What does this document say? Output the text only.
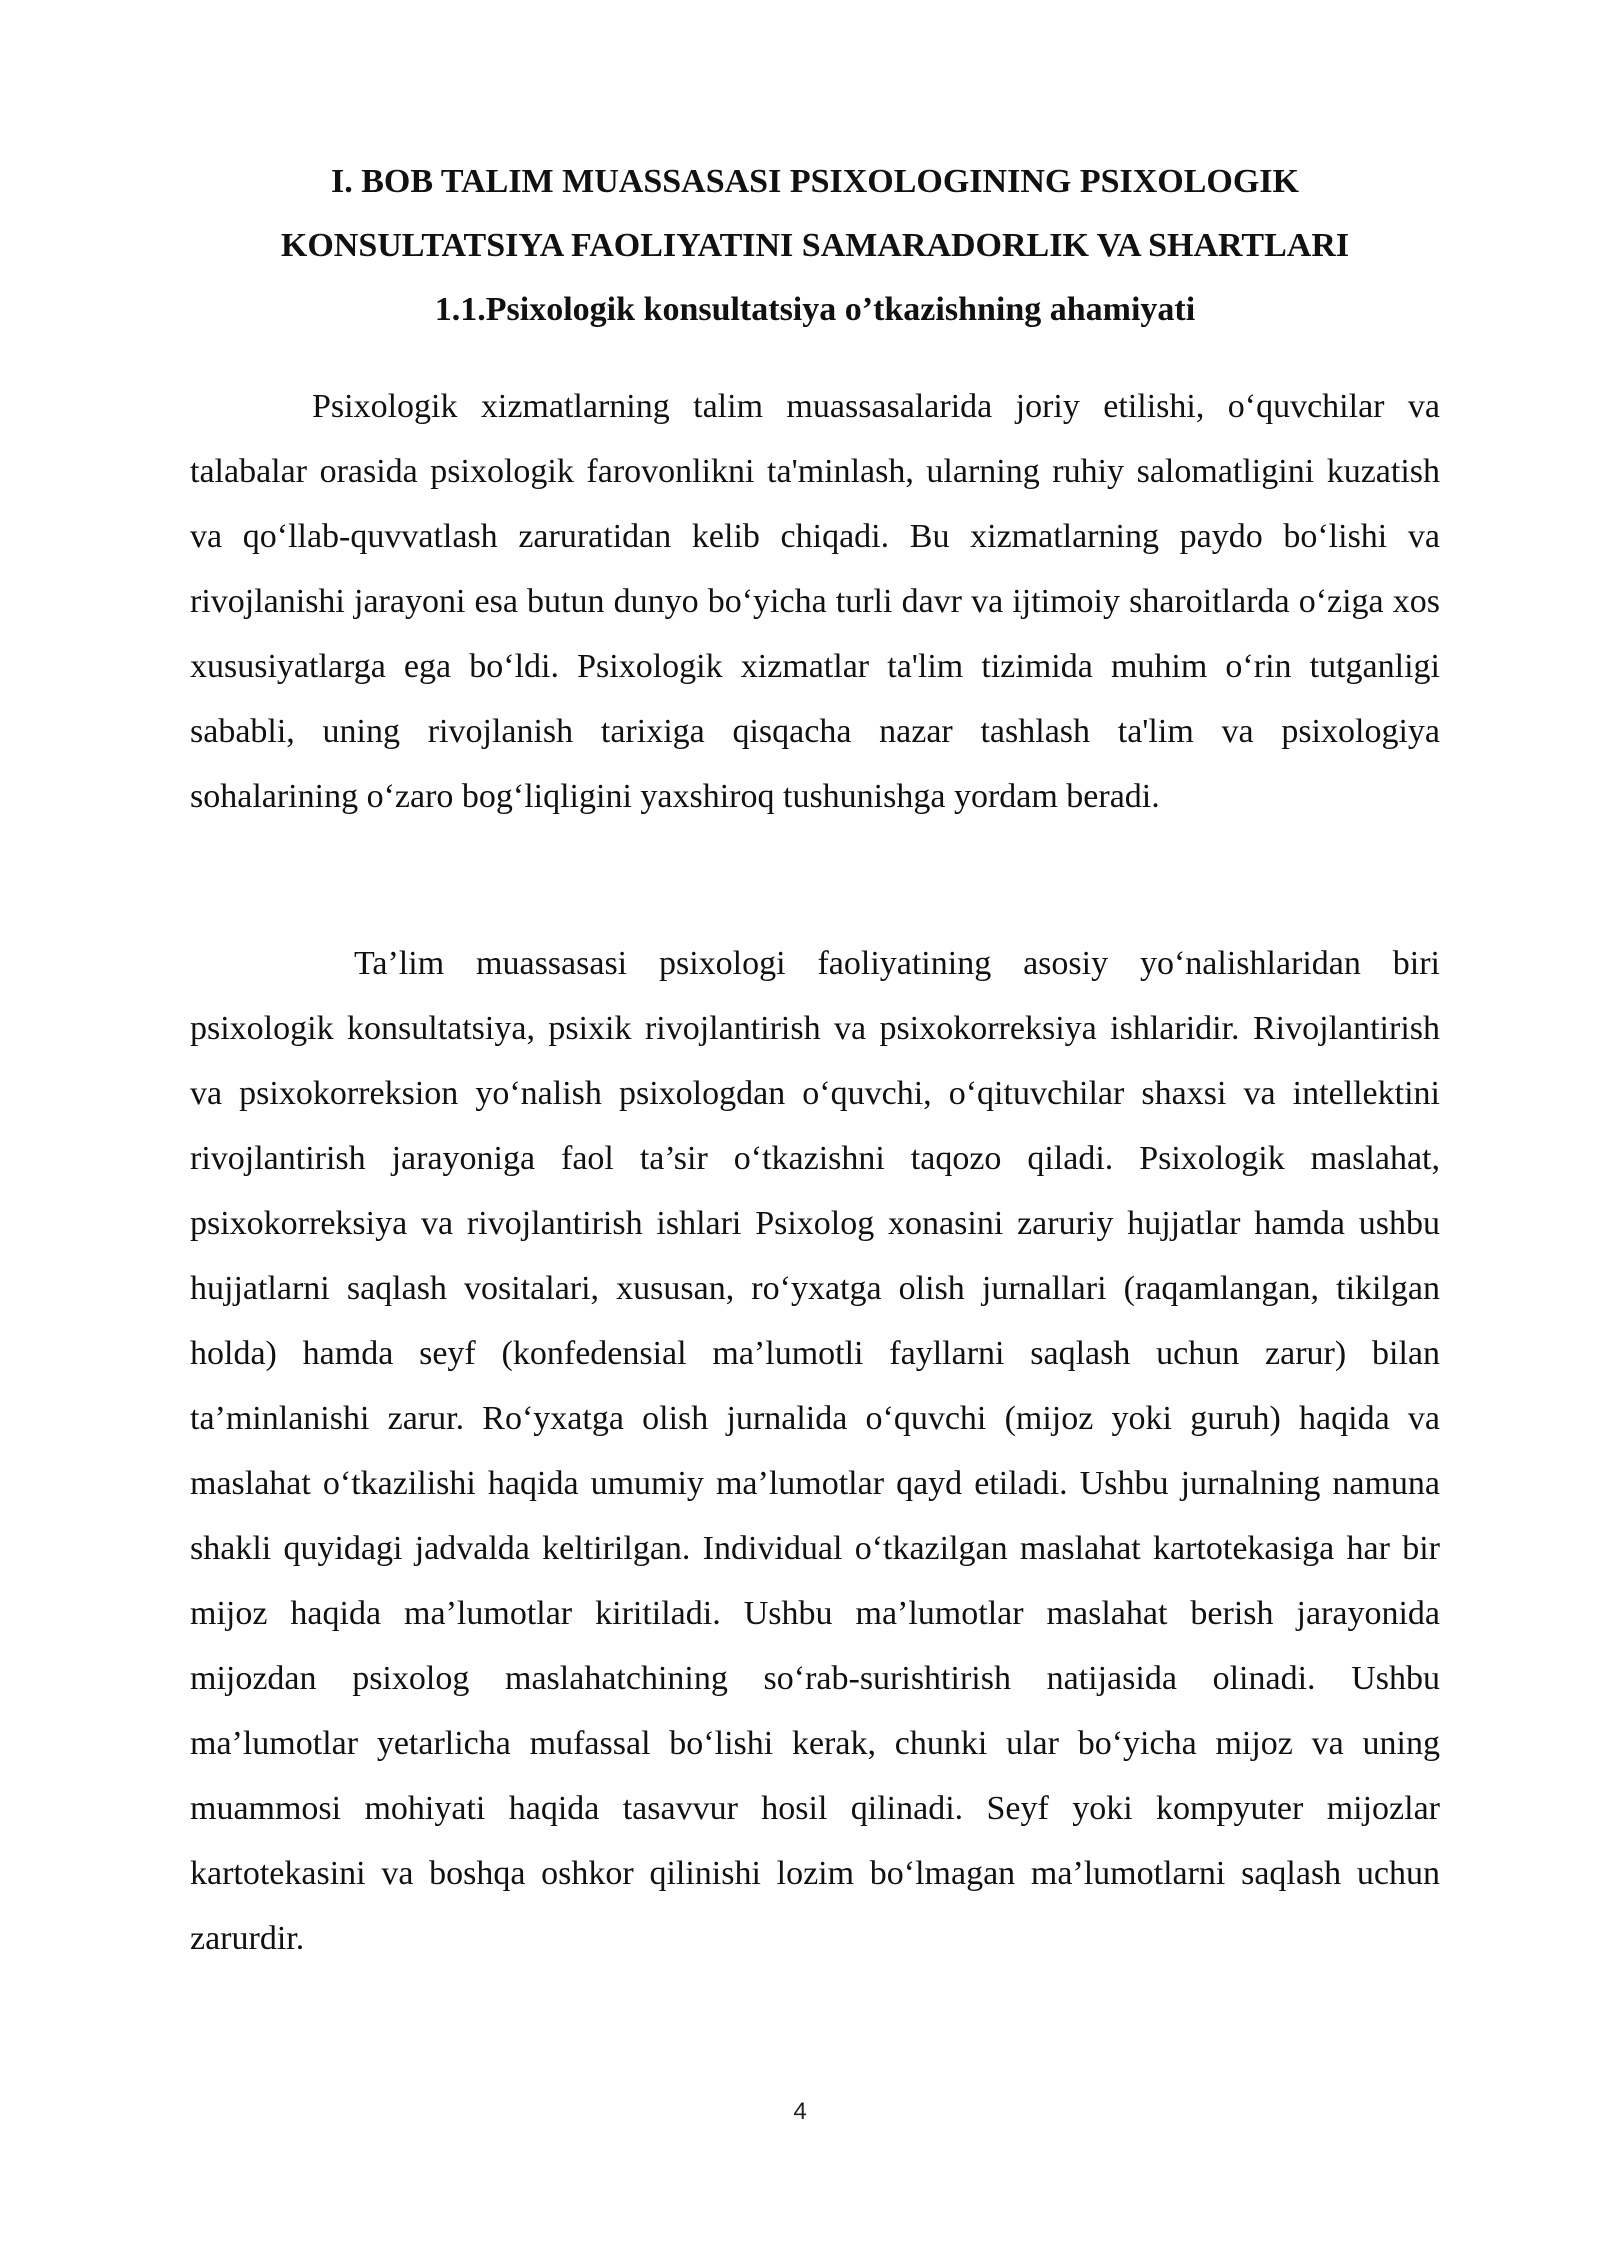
I. BOB TALIM MUASSASASI PSIXOLOGINING PSIXOLOGIK
KONSULTATSIYA FAOLIYATINI SAMARADORLIK VA SHARTLARI
1.1.Psixologik konsultatsiya o’tkazishning ahamiyati

Psixologik xizmatlarning talim muassasalarida joriy etilishi, o‘quvchilar va talabalar orasida psixologik farovonlikni ta'minlash, ularning ruhiy salomatligini kuzatish va qo‘llab-quvvatlash zaruratidan kelib chiqadi. Bu xizmatlarning paydo bo‘lishi va rivojlanishi jarayoni esa butun dunyo bo‘yicha turli davr va ijtimoiy sharoitlarda o‘ziga xos xususiyatlarga ega bo‘ldi. Psixologik xizmatlar ta'lim tizimida muhim o‘rin tutganligi sababli, uning rivojlanish tarixiga qisqacha nazar tashlash ta'lim va psixologiya sohalarining o‘zaro bog‘liqligini yaxshiroq tushunishga yordam beradi.

Ta’lim muassasasi psixologi faoliyatining asosiy yo‘nalishlaridan biri psixologik konsultatsiya, psixik rivojlantirish va psixokorreksiya ishlaridir. Rivojlantirish va psixokorreksion yo‘nalish psixologdan o‘quvchi, o‘qituvchilar shaxsi va intellektini rivojlantirish jarayoniga faol ta’sir o‘tkazishni taqozo qiladi. Psixologik maslahat, psixokorreksiya va rivojlantirish ishlari Psixolog xonasini zaruriy hujjatlar hamda ushbu hujjatlarni saqlash vositalari, xususan, ro‘yxatga olish jurnallari (raqamlangan, tikilgan holda) hamda seyf (konfedensial ma’lumotli fayllarni saqlash uchun zarur) bilan ta’minlanishi zarur. Ro‘yxatga olish jurnalida o‘quvchi (mijoz yoki guruh) haqida va maslahat o‘tkazilishi haqida umumiy ma’lumotlar qayd etiladi. Ushbu jurnalning namuna shakli quyidagi jadvalda keltirilgan. Individual o‘tkazilgan maslahat kartotekasiga har bir mijoz haqida ma’lumotlar kiritiladi. Ushbu ma’lumotlar maslahat berish jarayonida mijozdan psixolog maslahatchining so‘rab-surishtirish natijasida olinadi. Ushbu ma’lumotlar yetarlicha mufassal bo‘lishi kerak, chunki ular bo‘yicha mijoz va uning muammosi mohiyati haqida tasavvur hosil qilinadi. Seyf yoki kompyuter mijozlar kartotekasini va boshqa oshkor qilinishi lozim bo‘lmagan ma’lumotlarni saqlash uchun zarurdir.

4
